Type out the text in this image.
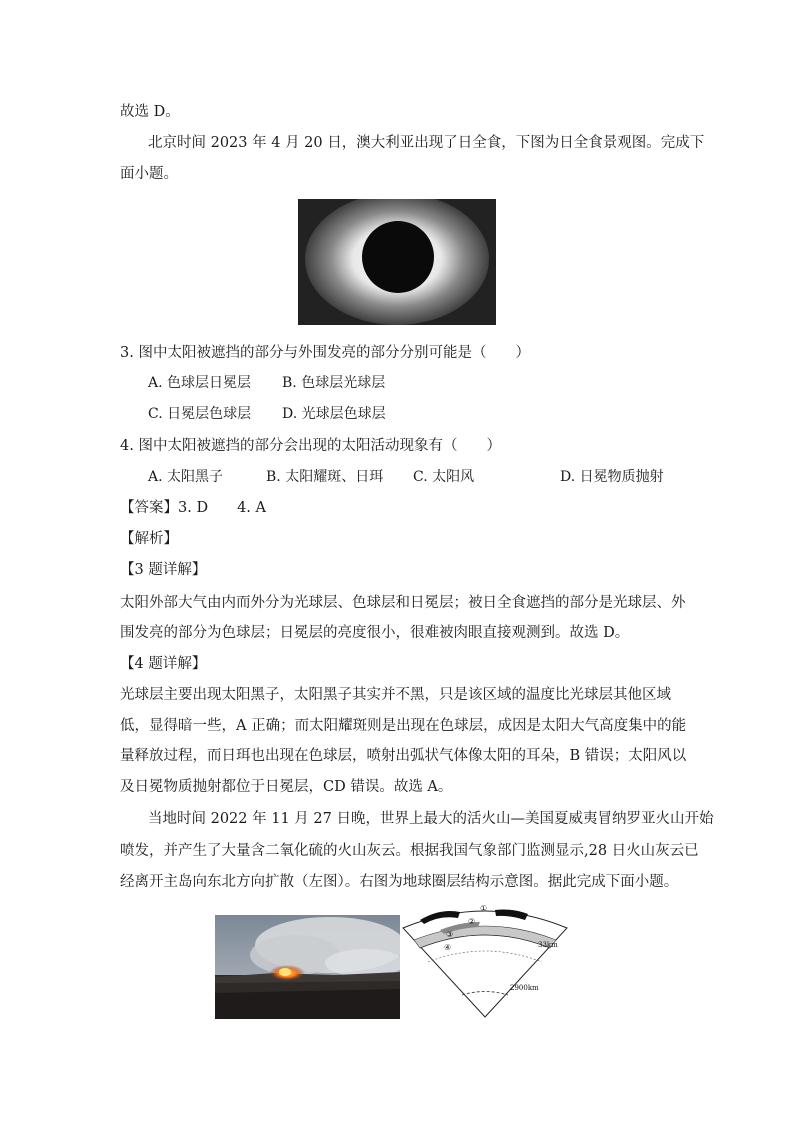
故选 D。
北京时间 2023 年 4 月 20 日，澳大利亚出现了日全食，下图为日全食景观图。完成下
面小题。
3. 图中太阳被遮挡的部分与外围发亮的部分分别可能是（　　）
A. 色球层日冕层 B. 色球层光球层
C. 日冕层色球层 D. 光球层色球层
4. 图中太阳被遮挡的部分会出现的太阳活动现象有（　　）
A. 太阳黑子	B. 太阳耀斑、日珥 C. 太阳风	D. 日冕物质抛射
【答案】3. D　　4. A
【解析】
【3 题详解】
太阳外部大气由内而外分为光球层、色球层和日冕层；被日全食遮挡的部分是光球层、外
围发亮的部分为色球层；日冕层的亮度很小，很难被肉眼直接观测到。故选 D。
【4 题详解】
光球层主要出现太阳黑子，太阳黑子其实并不黑，只是该区域的温度比光球层其他区域
低，显得暗一些，A 正确；而太阳耀斑则是出现在色球层，成因是太阳大气高度集中的能
量释放过程，而日珥也出现在色球层，喷射出弧状气体像太阳的耳朵，B 错误；太阳风以
及日冕物质抛射都位于日冕层，CD 错误。故选 A。
当地时间 2022 年 11 月 27 日晚，世界上最大的活火山—美国夏威夷冒纳罗亚火山开始
喷发，并产生了大量含二氧化硫的火山灰云。根据我国气象部门监测显示,28 日火山灰云已
经离开主岛向东北方向扩散（左图）。右图为地球圈层结构示意图。据此完成下面小题。
①
②
③
④	33km
2900km
